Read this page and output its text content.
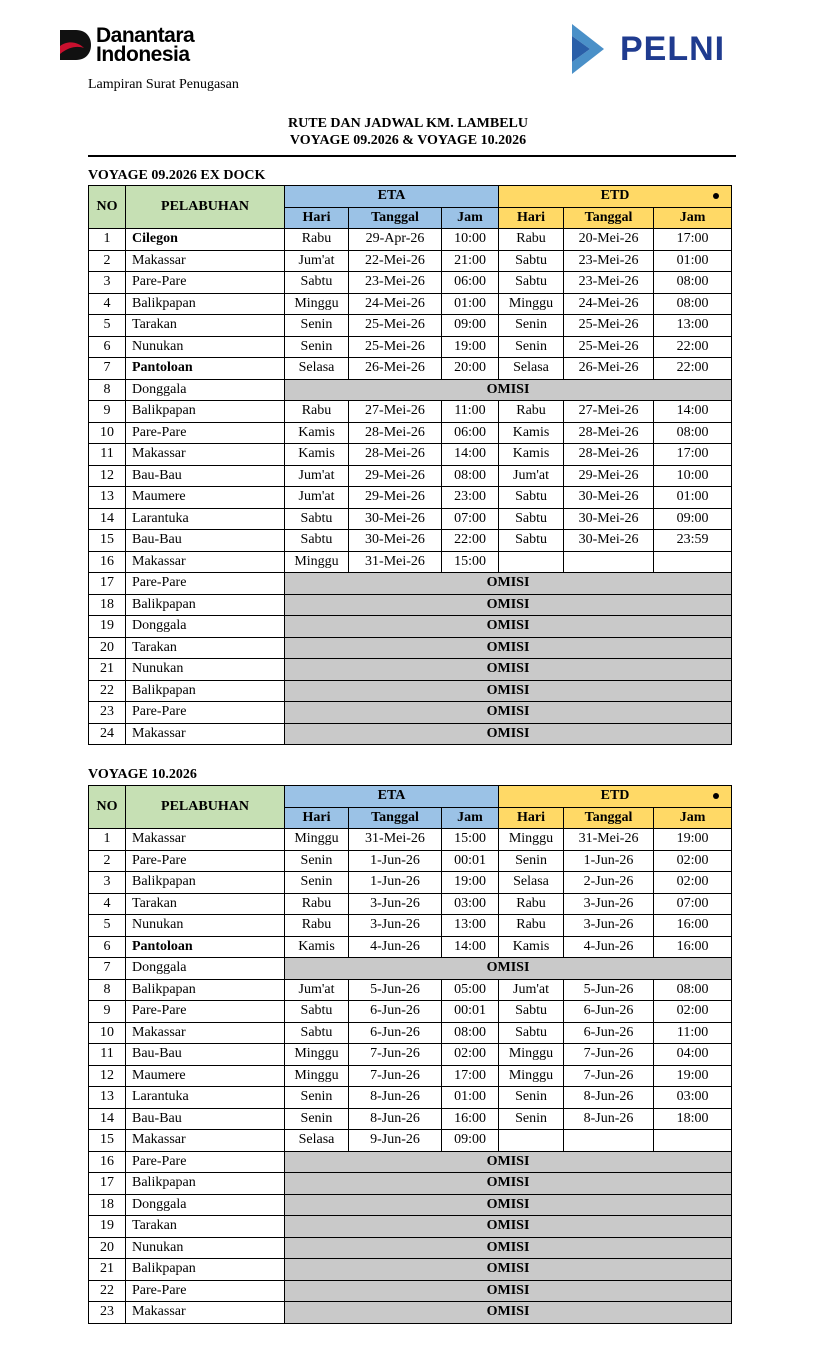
Danantara
Indonesia
Lampiran Surat Penugasan
PELNI
RUTE DAN JADWAL KM. LAMBELU
VOYAGE 09.2026 & VOYAGE 10.2026
VOYAGE 09.2026 EX DOCK
NO	PELABUHAN	ETA			ETD		

		Hari	Tanggal	Jam	Hari	Tanggal	Jam
1	Cilegon	Rabu	29-Apr-26	10:00	Rabu	20-Mei-26	17:00
2	Makassar	Jum'at	22-Mei-26	21:00	Sabtu	23-Mei-26	01:00
3	Pare-Pare	Sabtu	23-Mei-26	06:00	Sabtu	23-Mei-26	08:00
4	Balikpapan	Minggu	24-Mei-26	01:00	Minggu	24-Mei-26	08:00
5	Tarakan	Senin	25-Mei-26	09:00	Senin	25-Mei-26	13:00
6	Nunukan	Senin	25-Mei-26	19:00	Senin	25-Mei-26	22:00
7	Pantoloan	Selasa	26-Mei-26	20:00	Selasa	26-Mei-26	22:00
8	Donggala	OMISI					
9	Balikpapan	Rabu	27-Mei-26	11:00	Rabu	27-Mei-26	14:00
10	Pare-Pare	Kamis	28-Mei-26	06:00	Kamis	28-Mei-26	08:00
11	Makassar	Kamis	28-Mei-26	14:00	Kamis	28-Mei-26	17:00
12	Bau-Bau	Jum'at	29-Mei-26	08:00	Jum'at	29-Mei-26	10:00
13	Maumere	Jum'at	29-Mei-26	23:00	Sabtu	30-Mei-26	01:00
14	Larantuka	Sabtu	30-Mei-26	07:00	Sabtu	30-Mei-26	09:00
15	Bau-Bau	Sabtu	30-Mei-26	22:00	Sabtu	30-Mei-26	23:59
16	Makassar	Minggu	31-Mei-26	15:00			
17	Pare-Pare	OMISI					
18	Balikpapan	OMISI					
19	Donggala	OMISI					
20	Tarakan	OMISI					
21	Nunukan	OMISI					
22	Balikpapan	OMISI					
23	Pare-Pare	OMISI					
24	Makassar	OMISI					
VOYAGE 10.2026
NO	PELABUHAN	ETA			ETD		

		Hari	Tanggal	Jam	Hari	Tanggal	Jam
1	Makassar	Minggu	31-Mei-26	15:00	Minggu	31-Mei-26	19:00
2	Pare-Pare	Senin	1-Jun-26	00:01	Senin	1-Jun-26	02:00
3	Balikpapan	Senin	1-Jun-26	19:00	Selasa	2-Jun-26	02:00
4	Tarakan	Rabu	3-Jun-26	03:00	Rabu	3-Jun-26	07:00
5	Nunukan	Rabu	3-Jun-26	13:00	Rabu	3-Jun-26	16:00
6	Pantoloan	Kamis	4-Jun-26	14:00	Kamis	4-Jun-26	16:00
7	Donggala	OMISI					
8	Balikpapan	Jum'at	5-Jun-26	05:00	Jum'at	5-Jun-26	08:00
9	Pare-Pare	Sabtu	6-Jun-26	00:01	Sabtu	6-Jun-26	02:00
10	Makassar	Sabtu	6-Jun-26	08:00	Sabtu	6-Jun-26	11:00
11	Bau-Bau	Minggu	7-Jun-26	02:00	Minggu	7-Jun-26	04:00
12	Maumere	Minggu	7-Jun-26	17:00	Minggu	7-Jun-26	19:00
13	Larantuka	Senin	8-Jun-26	01:00	Senin	8-Jun-26	03:00
14	Bau-Bau	Senin	8-Jun-26	16:00	Senin	8-Jun-26	18:00
15	Makassar	Selasa	9-Jun-26	09:00			
16	Pare-Pare	OMISI					
17	Balikpapan	OMISI					
18	Donggala	OMISI					
19	Tarakan	OMISI					
20	Nunukan	OMISI					
21	Balikpapan	OMISI					
22	Pare-Pare	OMISI					
23	Makassar	OMISI					
